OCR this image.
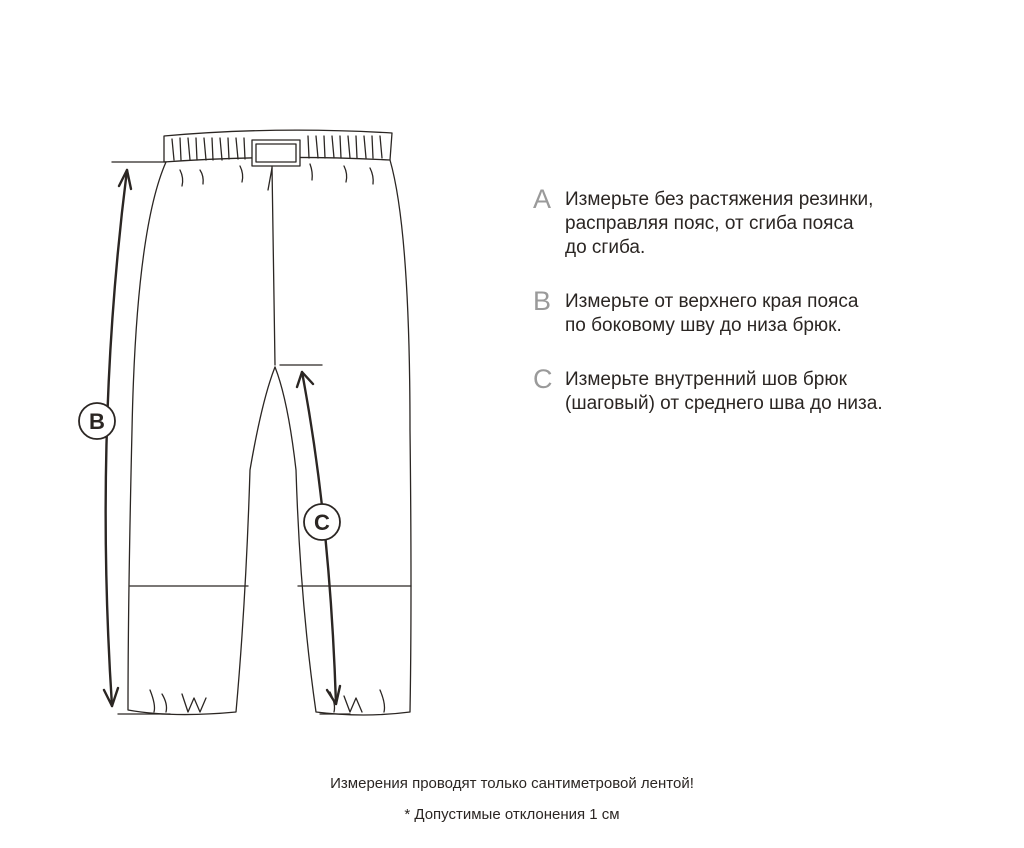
B
C
A Измерьте без растяжения резинки,
расправляя пояс, от сгиба пояса
до сгиба.
B Измерьте от верхнего края пояса
по боковому шву до низа брюк.
C Измерьте внутренний шов брюк
(шаговый) от среднего шва до низа.
Измерения проводят только сантиметровой лентой!
* Допустимые отклонения 1 см
